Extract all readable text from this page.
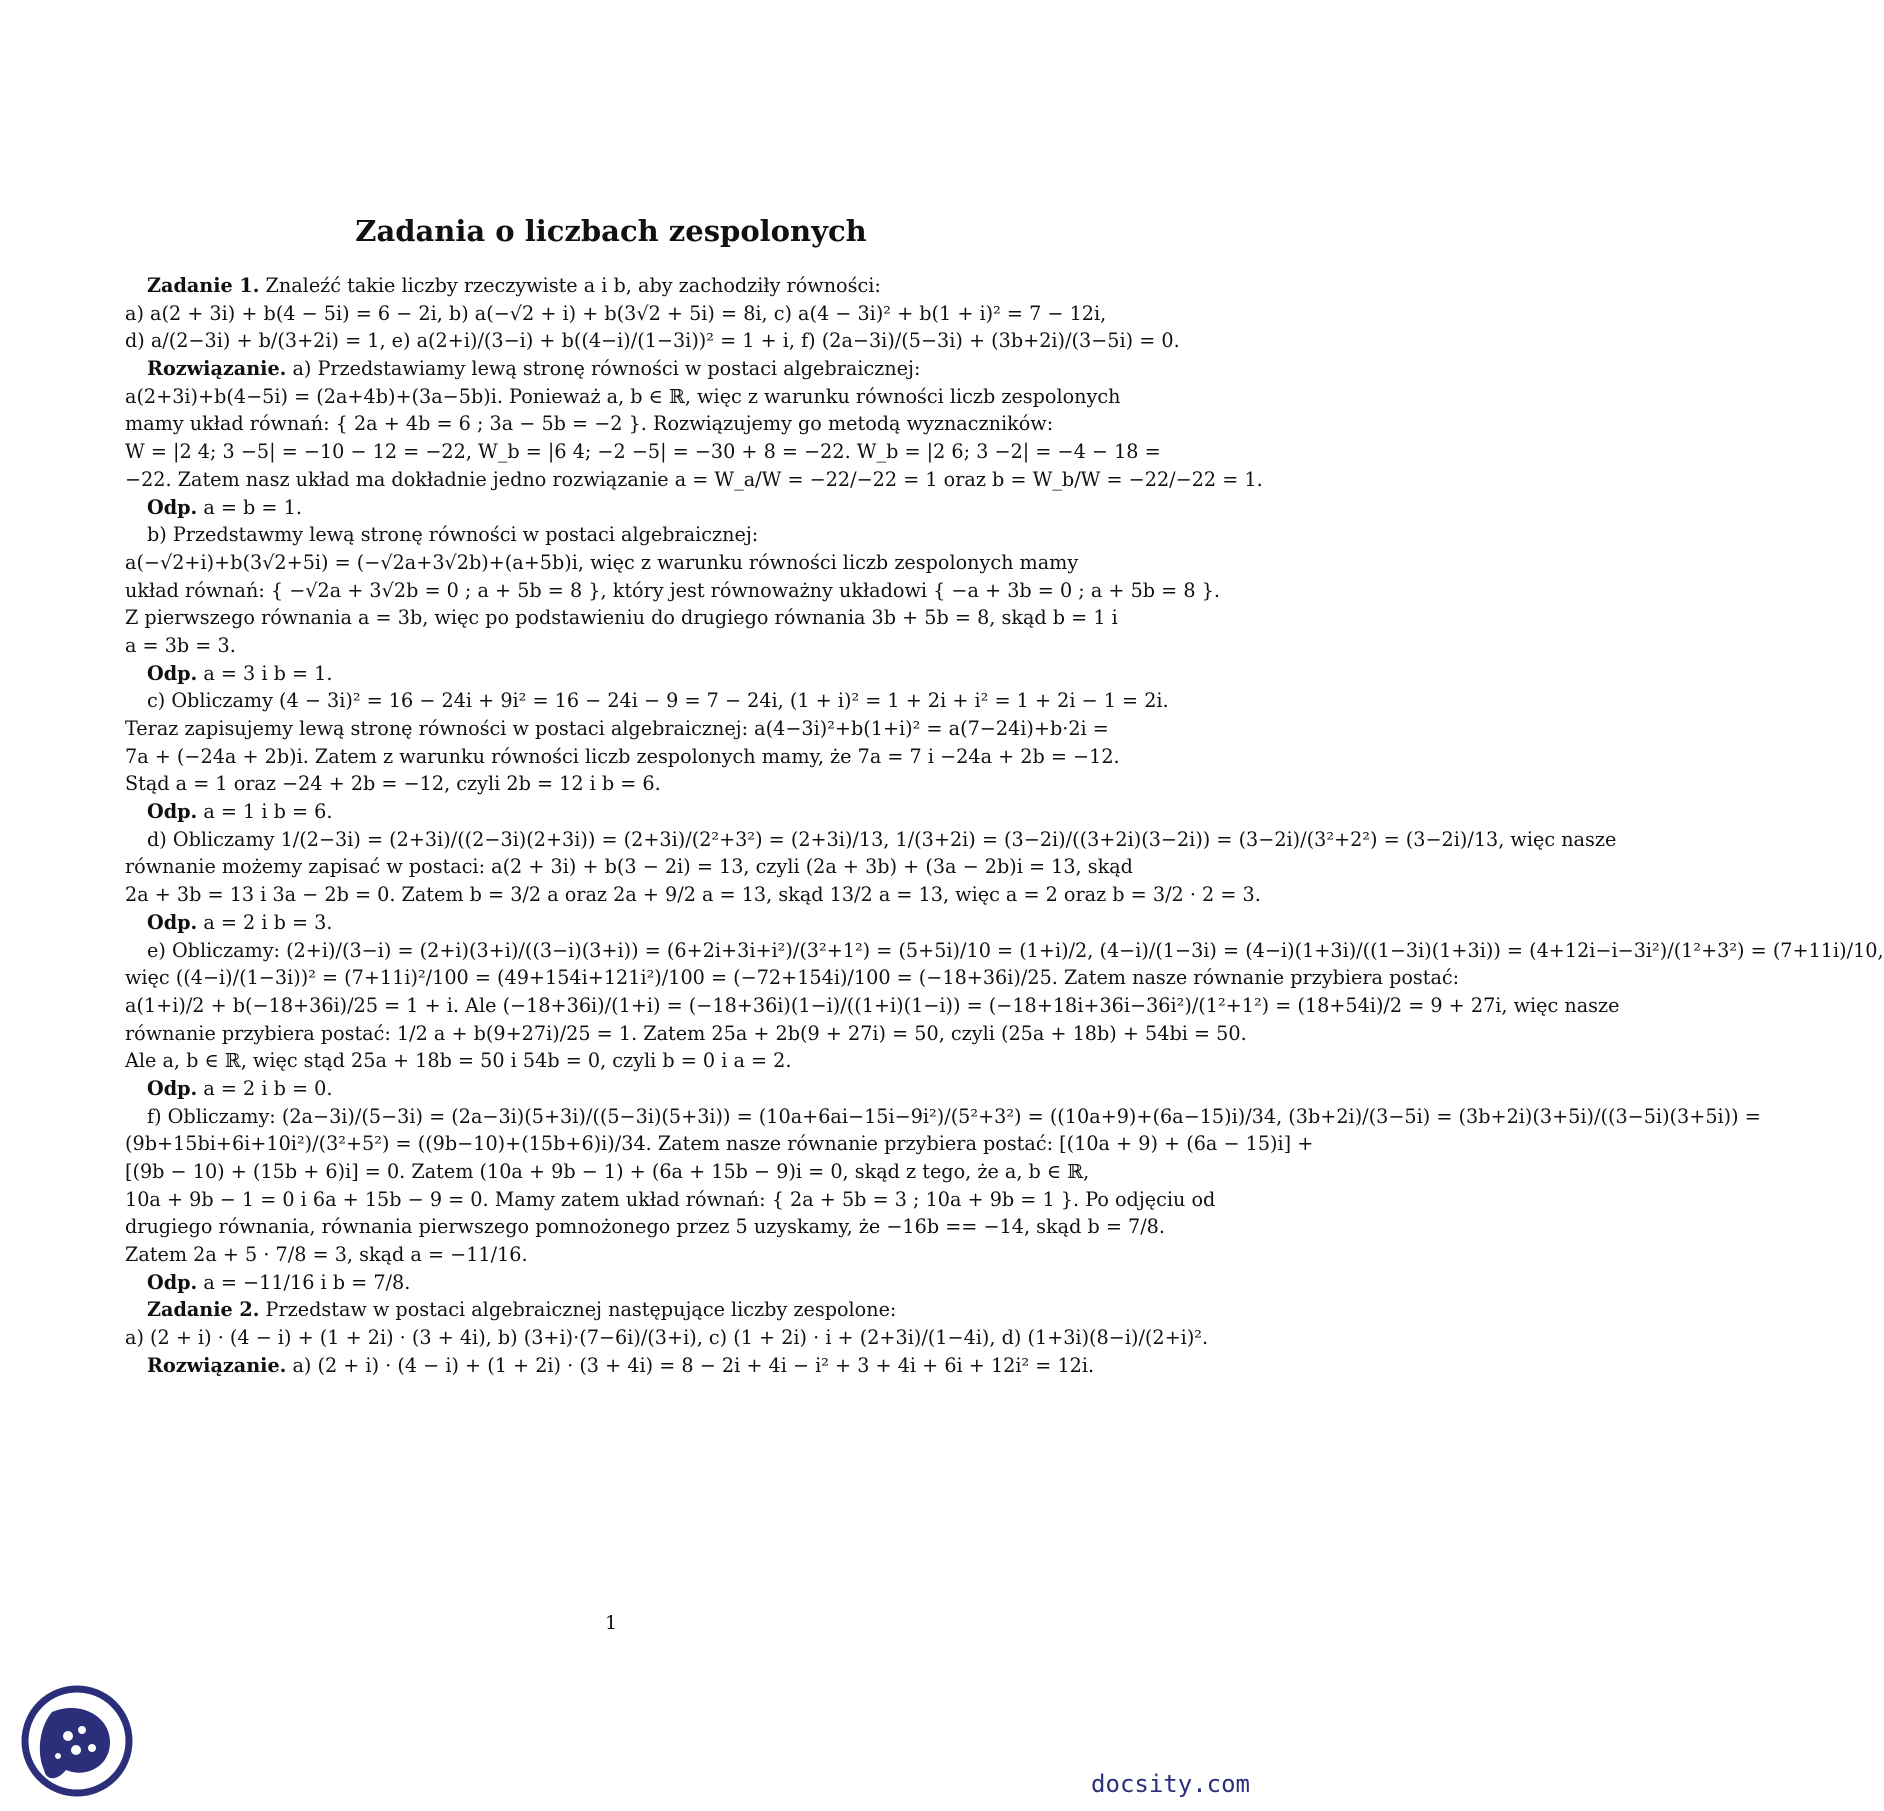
Zadania o liczbach zespolonych
Zadanie 1. Znaleźć takie liczby rzeczywiste a i b, aby zachodziły równości:
a) a(2 + 3i) + b(4 − 5i) = 6 − 2i, b) a(−√2 + i) + b(3√2 + 5i) = 8i, c) a(4 − 3i)² + b(1 + i)² = 7 − 12i,
d) a/(2−3i) + b/(3+2i) = 1, e) a(2+i)/(3−i) + b((4−i)/(1−3i))² = 1 + i, f) (2a−3i)/(5−3i) + (3b+2i)/(3−5i) = 0.
Rozwiązanie. a) Przedstawiamy lewą stronę równości w postaci algebraicznej:
a(2+3i)+b(4−5i) = (2a+4b)+(3a−5b)i. Ponieważ a, b ∈ ℝ, więc z warunku równości liczb zespolonych
mamy układ równań: { 2a + 4b = 6 ; 3a − 5b = −2 }. Rozwiązujemy go metodą wyznaczników:
W = |2 4; 3 −5| = −10 − 12 = −22, W_b = |6 4; −2 −5| = −30 + 8 = −22. W_b = |2 6; 3 −2| = −4 − 18 =
−22. Zatem nasz układ ma dokładnie jedno rozwiązanie a = W_a/W = −22/−22 = 1 oraz b = W_b/W = −22/−22 = 1.
Odp. a = b = 1.
b) Przedstawmy lewą stronę równości w postaci algebraicznej:
a(−√2+i)+b(3√2+5i) = (−√2a+3√2b)+(a+5b)i, więc z warunku równości liczb zespolonych mamy
układ równań: { −√2a + 3√2b = 0 ; a + 5b = 8 }, który jest równoważny układowi { −a + 3b = 0 ; a + 5b = 8 }.
Z pierwszego równania a = 3b, więc po podstawieniu do drugiego równania 3b + 5b = 8, skąd b = 1 i
a = 3b = 3.
Odp. a = 3 i b = 1.
c) Obliczamy (4 − 3i)² = 16 − 24i + 9i² = 16 − 24i − 9 = 7 − 24i, (1 + i)² = 1 + 2i + i² = 1 + 2i − 1 = 2i.
Teraz zapisujemy lewą stronę równości w postaci algebraicznej: a(4−3i)²+b(1+i)² = a(7−24i)+b·2i =
7a + (−24a + 2b)i. Zatem z warunku równości liczb zespolonych mamy, że 7a = 7 i −24a + 2b = −12.
Stąd a = 1 oraz −24 + 2b = −12, czyli 2b = 12 i b = 6.
Odp. a = 1 i b = 6.
d) Obliczamy 1/(2−3i) = (2+3i)/((2−3i)(2+3i)) = (2+3i)/(2²+3²) = (2+3i)/13, 1/(3+2i) = (3−2i)/((3+2i)(3−2i)) = (3−2i)/(3²+2²) = (3−2i)/13, więc nasze
równanie możemy zapisać w postaci: a(2 + 3i) + b(3 − 2i) = 13, czyli (2a + 3b) + (3a − 2b)i = 13, skąd
2a + 3b = 13 i 3a − 2b = 0. Zatem b = 3/2 a oraz 2a + 9/2 a = 13, skąd 13/2 a = 13, więc a = 2 oraz b = 3/2 · 2 = 3.
Odp. a = 2 i b = 3.
e) Obliczamy: (2+i)/(3−i) = (2+i)(3+i)/((3−i)(3+i)) = (6+2i+3i+i²)/(3²+1²) = (5+5i)/10 = (1+i)/2, (4−i)/(1−3i) = (4−i)(1+3i)/((1−3i)(1+3i)) = (4+12i−i−3i²)/(1²+3²) = (7+11i)/10,
więc ((4−i)/(1−3i))² = (7+11i)²/100 = (49+154i+121i²)/100 = (−72+154i)/100 = (−18+36i)/25. Zatem nasze równanie przybiera postać:
a(1+i)/2 + b(−18+36i)/25 = 1 + i. Ale (−18+36i)/(1+i) = (−18+36i)(1−i)/((1+i)(1−i)) = (−18+18i+36i−36i²)/(1²+1²) = (18+54i)/2 = 9 + 27i, więc nasze
równanie przybiera postać: 1/2 a + b(9+27i)/25 = 1. Zatem 25a + 2b(9 + 27i) = 50, czyli (25a + 18b) + 54bi = 50.
Ale a, b ∈ ℝ, więc stąd 25a + 18b = 50 i 54b = 0, czyli b = 0 i a = 2.
Odp. a = 2 i b = 0.
f) Obliczamy: (2a−3i)/(5−3i) = (2a−3i)(5+3i)/((5−3i)(5+3i)) = (10a+6ai−15i−9i²)/(5²+3²) = ((10a+9)+(6a−15)i)/34, (3b+2i)/(3−5i) = (3b+2i)(3+5i)/((3−5i)(3+5i)) =
(9b+15bi+6i+10i²)/(3²+5²) = ((9b−10)+(15b+6)i)/34. Zatem nasze równanie przybiera postać: [(10a + 9) + (6a − 15)i] +
[(9b − 10) + (15b + 6)i] = 0. Zatem (10a + 9b − 1) + (6a + 15b − 9)i = 0, skąd z tego, że a, b ∈ ℝ,
10a + 9b − 1 = 0 i 6a + 15b − 9 = 0. Mamy zatem układ równań: { 2a + 5b = 3 ; 10a + 9b = 1 }. Po odjęciu od
drugiego równania, równania pierwszego pomnożonego przez 5 uzyskamy, że −16b == −14, skąd b = 7/8.
Zatem 2a + 5 · 7/8 = 3, skąd a = −11/16.
Odp. a = −11/16 i b = 7/8.
Zadanie 2. Przedstaw w postaci algebraicznej następujące liczby zespolone:
a) (2 + i) · (4 − i) + (1 + 2i) · (3 + 4i), b) (3+i)·(7−6i)/(3+i), c) (1 + 2i) · i + (2+3i)/(1−4i), d) (1+3i)(8−i)/(2+i)².
Rozwiązanie. a) (2 + i) · (4 − i) + (1 + 2i) · (3 + 4i) = 8 − 2i + 4i − i² + 3 + 4i + 6i + 12i² = 12i.
1
docsity.com
